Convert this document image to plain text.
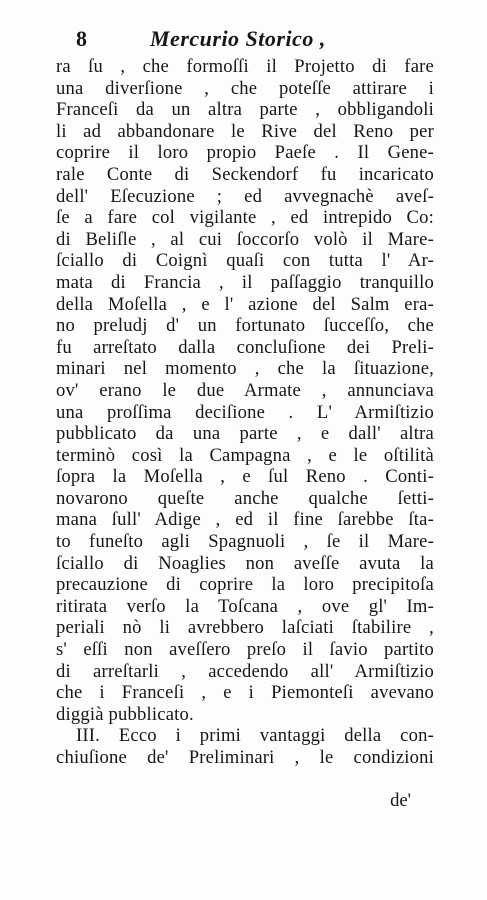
8	Mercurio Storico ,
ra ſu , che formoſſi il Projetto di fare
una diverſione , che poteſſe attirare i
Franceſi da un altra parte , obbligandoli
li ad abbandonare le Rive del Reno per
coprire il loro propio Paeſe . Il Gene-
rale Conte di Seckendorf fu incaricato
dell' Eſecuzione ; ed avvegnachè aveſ-
ſe a fare col vigilante , ed intrepido Co:
di Beliſle , al cui ſoccorſo volò il Mare-
ſciallo di Coignì quaſi con tutta l' Ar-
mata di Francia , il paſſaggio tranquillo
della Moſella , e l' azione del Salm era-
no preludj d' un fortunato ſucceſſo, che
fu arreſtato dalla concluſione dei Preli-
minari nel momento , che la ſituazione,
ov' erano le due Armate , annunciava
una proſſima deciſione . L' Armiſtizio
pubblicato da una parte , e dall' altra
terminò così la Campagna , e le oſtilità
ſopra la Moſella , e ſul Reno . Conti-
novarono queſte anche qualche ſetti-
mana ſull' Adige , ed il fine ſarebbe ſta-
to funeſto agli Spagnuoli , ſe il Mare-
ſciallo di Noaglies non aveſſe avuta la
precauzione di coprire la loro precipitoſa
ritirata verſo la Toſcana , ove gl' Im-
periali nò li avrebbero laſciati ſtabilire ,
s' eſſi non aveſſero preſo il ſavio partito
di arreſtarli , accedendo all' Armiſtizio
che i Franceſi , e i Piemonteſi avevano
diggià pubblicato.
III. Ecco i primi vantaggi della con-
chiuſione de' Preliminari , le condizioni
de'
